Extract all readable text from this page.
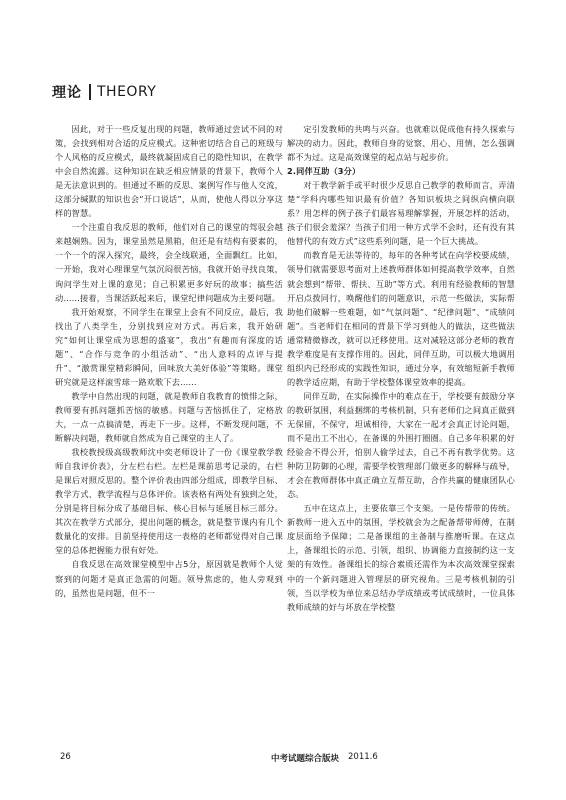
理论 THEORY

因此，对于一些反复出现的问题，教师通过尝试不同的对策，会找到相对合适的反应模式。这种密切结合自己的班级与个人风格的反应模式，最终就凝固成自己的隐性知识，在教学中会自然流露。这种知识在缺乏相应情景的背景下，教师个人是无法意识到的。但通过不断的反思、案例写作与他人交流，这部分缄默的知识也会“开口说话”，从而，使他人得以分享这样的智慧。

一个注重自我反思的教师，他们对自己的课堂的驾驭会越来越娴熟。因为，课堂虽然是黑箱，但还是有结构有要素的，一个一个的深入探究，最终，会全线联通，全面飘红。比如，一开始，我对心理课堂气氛沉闷很苦恼，我就开始寻找良策，询问学生对上课的意见；自己积累更多好玩的故事；搞些活动……接着，当课活跃起来后，课堂纪律问题成为主要问题。

我开始观察，不同学生在课堂上会有不同反应，最后，我找出了八类学生，分别找到应对方式。再后来，我开始研究“如何让课堂成为思想的盛宴”，我出“有趣而有深度的话题”、“合作与竞争的小组活动”、“出人意料的点评与提升”、“激赏课堂精彩瞬间，回味放大美好体验”等策略。课堂研究就是这样滚雪球一路欢歌下去……

教学中自然出现的问题，就是教师自我教育的愤悱之际，教师要有抓问题抓苦恼的敏感。问题与苦恼抓住了，定格放大，一点一点搞清楚，再走下一步。这样，不断发现问题，不断解决问题，教师就自然成为自己课堂的主人了。

我校教授级高级教师沈中奕老师设计了一份《课堂教学教师自我评价表》，分左栏右栏。左栏是课前思考记录的，右栏是课后对照反思的。整个评价表由四部分组成，即教学目标、教学方式、教学流程与总体评价。该表格有两处有独到之处，分别是将目标分成了基础目标、核心目标与延展目标三部分。其次在教学方式部分，提出问题的概念，就是整节课内有几个数量化的安排。目前坚持使用这一表格的老师都觉得对自己课堂的总体把握能力很有好处。

自我反思在高效课堂模型中占5分，原因就是教师个人觉察到的问题才是真正急需的问题。领导焦虑的，他人旁观到的，虽然也是问题，但不一

定引发教师的共鸣与兴奋。也就难以促成他有持久探索与解决的动力。因此，教师自身的觉察、用心、用情，怎么强调都不为过。这是高效课堂的起点站与起步价。

2.同伴互助（3分）

对于教学新手或平时很少反思自己教学的教师而言，弄清楚“学科内哪些知识最有价值？各知识板块之间纵向横向联系？用怎样的例子孩子们最容易理解掌握，开展怎样的活动，孩子们很会羞深？当孩子们用一种方式学不会时，还有没有其他替代的有效方式”这些系列问题，是一个巨大挑战。

而教育是无法等待的，每年的各种考试在向学校要成绩，领导们就需要思考面对上述教师群体如何提高教学效率，自然就会想到“帮带、帮扶、互助”等方式。利用有经验教师的智慧开启点拨同行，唤醒他们的问题意识，示范一些做法，实际帮助他们破解一些难题，如“气氛问题”、“纪律问题”、“成绩问题”。当老师们在相同的背景下学习到他人的做法，这些做法通常精微修改，就可以迁移使用。这对减轻这部分老师的教育教学难度是有支撑作用的。因此，同伴互助，可以极大地调用组织内已经形成的实践性知识，通过分享，有效缩短新手教师的教学适应期，有助于学校整体课堂效率的提高。

同伴互助，在实际操作中的难点在于，学校要有鼓励分享的教研氛围，利益捆绑的考核机制，只有老师们之间真正做到无保留，不保守，坦诚相待，大家在一起才会真正讨论问题，而不是出工不出心，在备课的外围打圈圈。自己多年积累的好经验舍不得公开，怕别人偷学过去，自己不再有教学优势。这种防卫防御的心理，需要学校管理部门做更多的解释与疏导，才会在教师群体中真正确立互帮互助，合作共赢的健康团队心态。

五中在这点上，主要依靠三个支架。一是传帮带的传统。新教师一进入五中的氛围，学校就会为之配备帮带师傅，在制度层面给予保障；二是备课组的主备制与推磨听课。在这点上，备课组长的示范、引领，组织、协调能力直接制约这一支架的有效性。备课组长的综合素质还需作为本次高效课堂探索中的一个新问题进入管理层的研究视角。三是考核机制的引领，当以学校为单位来总结办学成绩或考试成绩时，一位具体教师成绩的好与坏放在学校整

26	中考试题综合版块 2011.6
